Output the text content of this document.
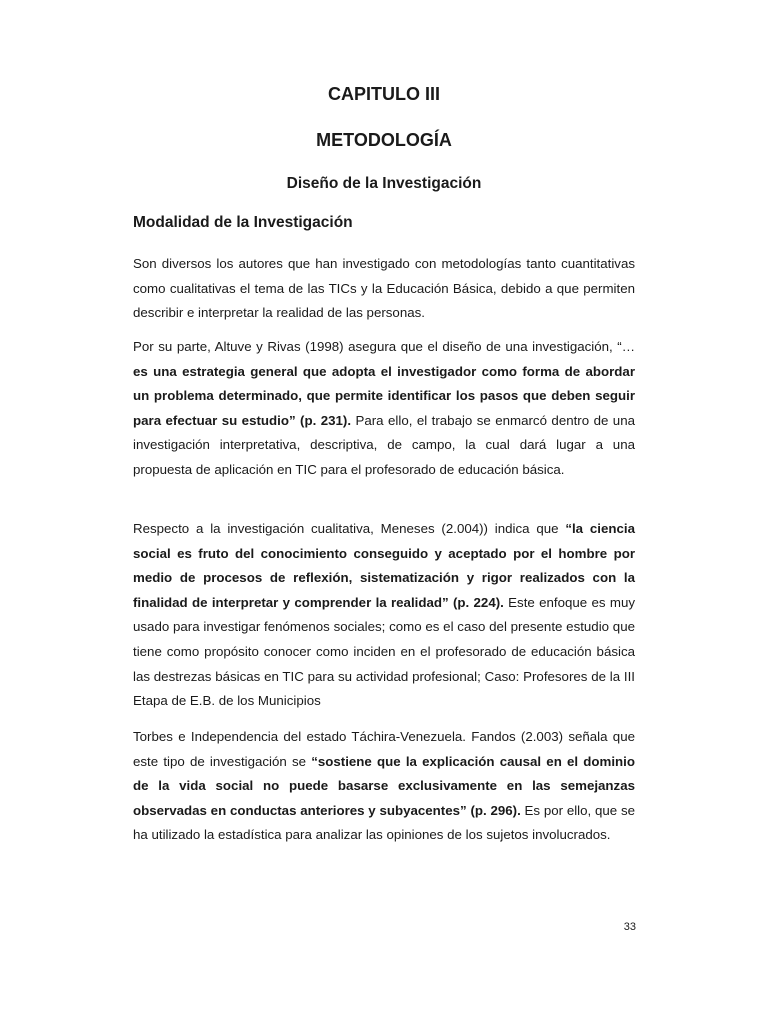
CAPITULO III
METODOLOGÍA
Diseño de la Investigación
Modalidad de la Investigación

Son diversos los autores que han investigado con metodologías tanto cuantitativas como cualitativas el tema de las TICs y la Educación Básica, debido a que permiten describir e interpretar la realidad de las personas.

Por su parte, Altuve y Rivas (1998) asegura que el diseño de una investigación, “… es una estrategia general que adopta el investigador como forma de abordar un problema determinado, que permite identificar los pasos que deben seguir para efectuar su estudio” (p. 231). Para ello, el trabajo se enmarcó dentro de una investigación interpretativa, descriptiva, de campo, la cual dará lugar a una propuesta de aplicación en TIC para el profesorado de educación básica.

Respecto a la investigación cualitativa, Meneses (2.004)) indica que “la ciencia social es fruto del conocimiento conseguido y aceptado por el hombre por medio de procesos de reflexión, sistematización y rigor realizados con la finalidad de interpretar y comprender la realidad” (p. 224). Este enfoque es muy usado para investigar fenómenos sociales; como es el caso del presente estudio que tiene como propósito conocer como inciden en el profesorado de educación básica las destrezas básicas en TIC para su actividad profesional; Caso: Profesores de la III Etapa de E.B. de los Municipios

Torbes e Independencia del estado Táchira-Venezuela. Fandos (2.003) señala que este tipo de investigación se “sostiene que la explicación causal en el dominio de la vida social no puede basarse exclusivamente en las semejanzas observadas en conductas anteriores y subyacentes” (p. 296). Es por ello, que se ha utilizado la estadística para analizar las opiniones de los sujetos involucrados.

33
